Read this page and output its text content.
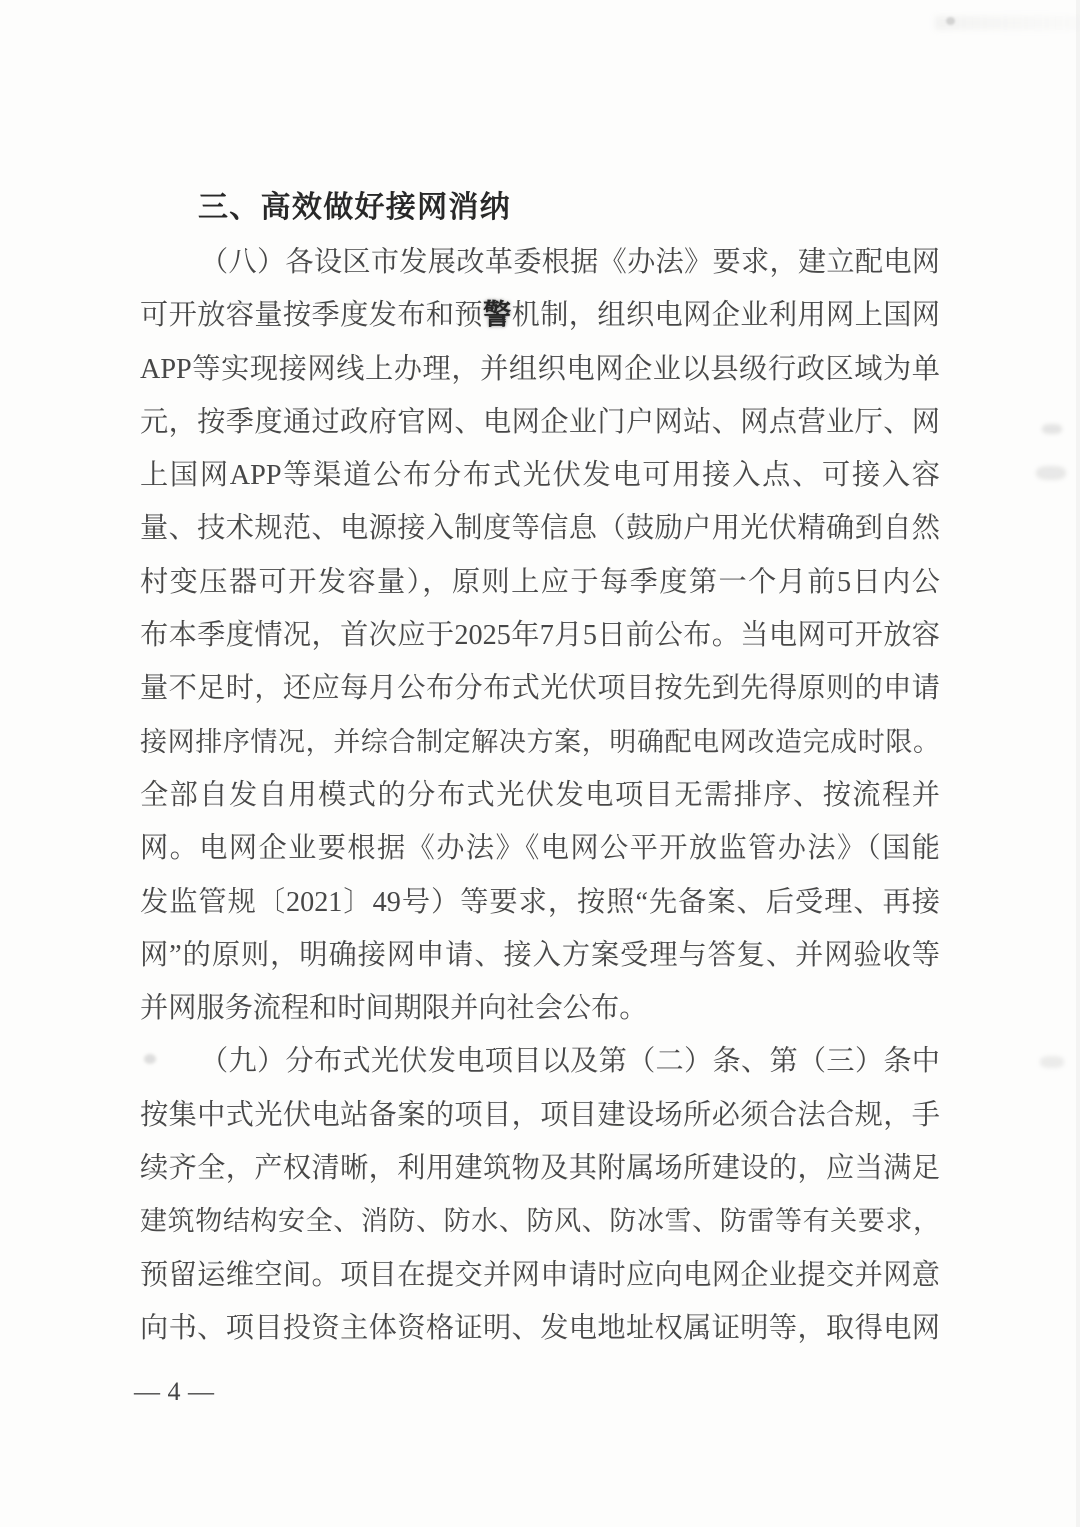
三、高效做好接网消纳
（八）各设区市发展改革委根据《办法》要求，建立配电网
可开放容量按季度发布和预警机制，组织电网企业利用网上国网
APP等实现接网线上办理，并组织电网企业以县级行政区域为单
元，按季度通过政府官网、电网企业门户网站、网点营业厅、网
上国网APP等渠道公布分布式光伏发电可用接入点、可接入容
量、技术规范、电源接入制度等信息（鼓励户用光伏精确到自然
村变压器可开发容量），原则上应于每季度第一个月前5日内公
布本季度情况，首次应于2025年7月5日前公布。当电网可开放容
量不足时，还应每月公布分布式光伏项目按先到先得原则的申请
接网排序情况，并综合制定解决方案，明确配电网改造完成时限。
全部自发自用模式的分布式光伏发电项目无需排序、按流程并
网。电网企业要根据《办法》《电网公平开放监管办法》（国能
发监管规〔2021〕49号）等要求，按照“先备案、后受理、再接
网”的原则，明确接网申请、接入方案受理与答复、并网验收等
并网服务流程和时间期限并向社会公布。
（九）分布式光伏发电项目以及第（二）条、第（三）条中
按集中式光伏电站备案的项目，项目建设场所必须合法合规，手
续齐全，产权清晰，利用建筑物及其附属场所建设的，应当满足
建筑物结构安全、消防、防水、防风、防冰雪、防雷等有关要求，
预留运维空间。项目在提交并网申请时应向电网企业提交并网意
向书、项目投资主体资格证明、发电地址权属证明等，取得电网
— 4 —
